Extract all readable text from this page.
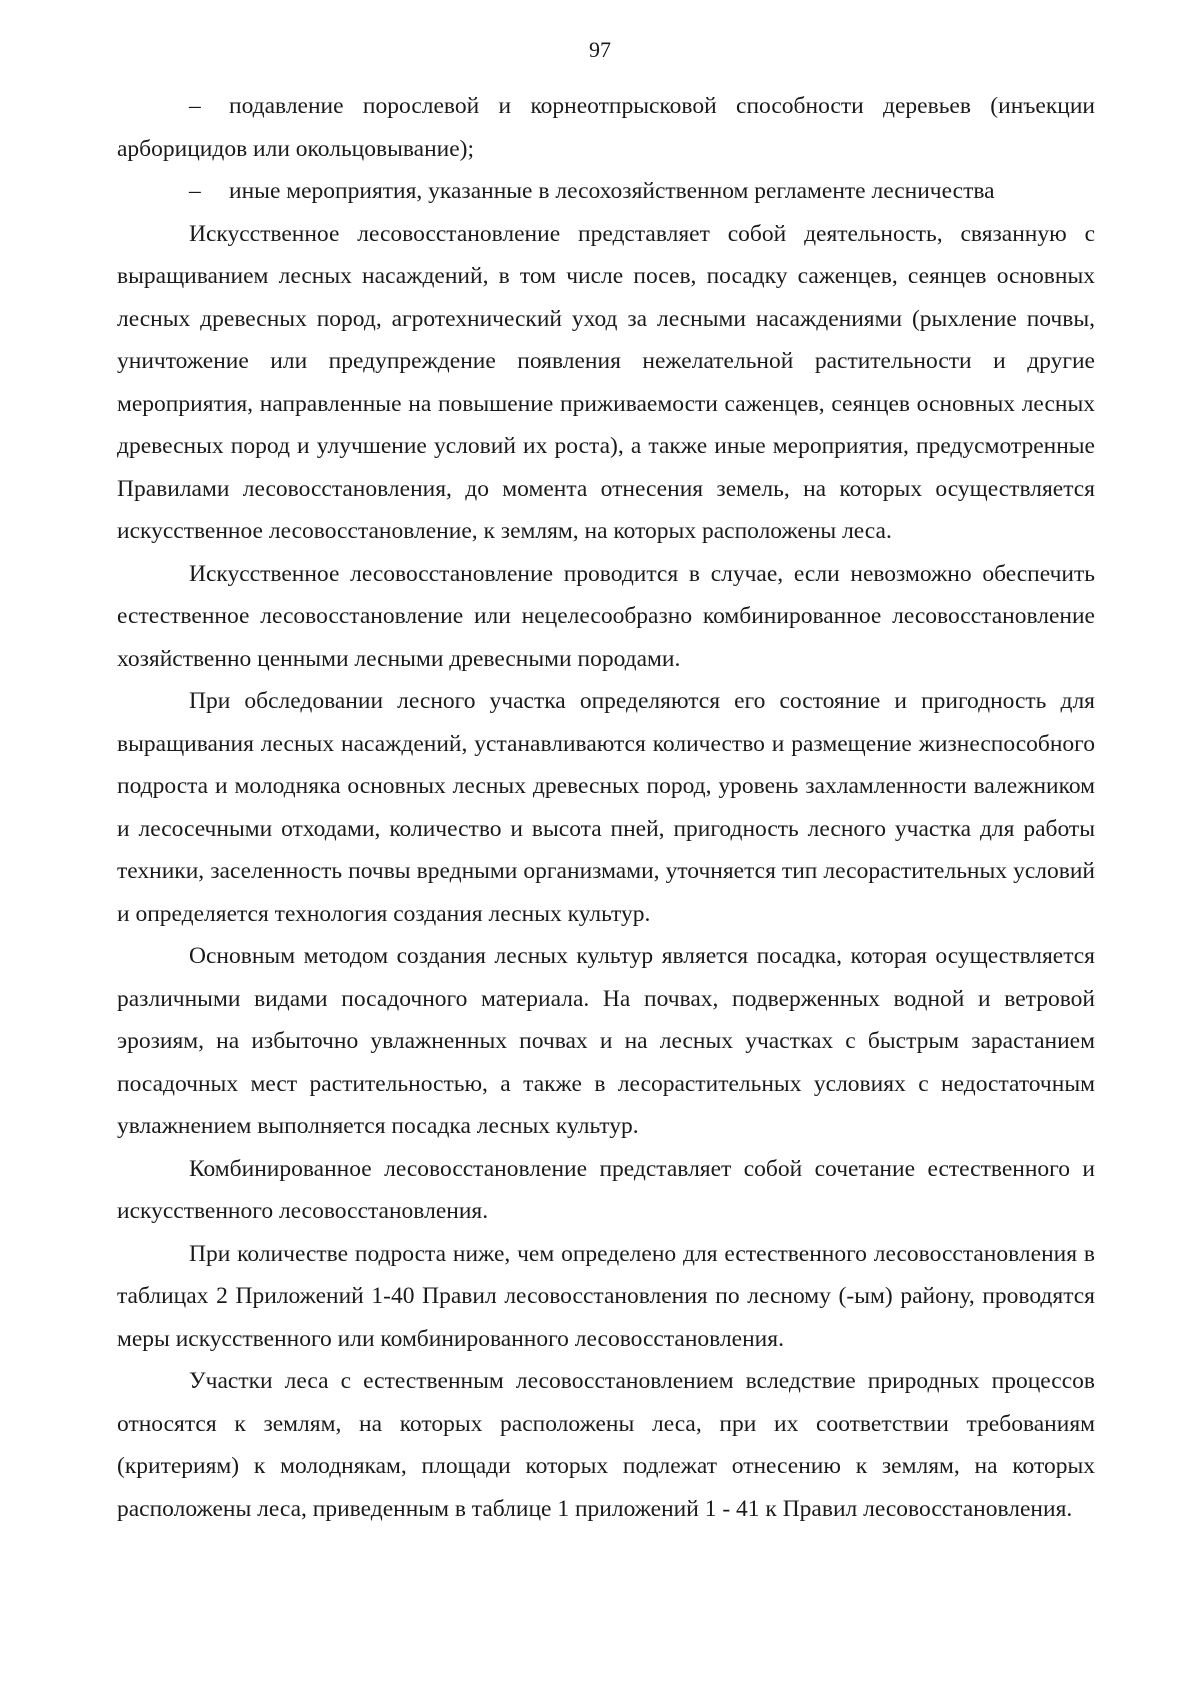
97

– подавление порослевой и корнеотпрысковой способности деревьев (инъекции арборицидов или окольцовывание);

– иные мероприятия, указанные в лесохозяйственном регламенте лесничества

Искусственное лесовосстановление представляет собой деятельность, связанную с выращиванием лесных насаждений, в том числе посев, посадку саженцев, сеянцев основных лесных древесных пород, агротехнический уход за лесными насаждениями (рыхление почвы, уничтожение или предупреждение появления нежелательной растительности и другие мероприятия, направленные на повышение приживаемости саженцев, сеянцев основных лесных древесных пород и улучшение условий их роста), а также иные мероприятия, предусмотренные Правилами лесовосстановления, до момента отнесения земель, на которых осуществляется искусственное лесовосстановление, к землям, на которых расположены леса.

Искусственное лесовосстановление проводится в случае, если невозможно обеспечить естественное лесовосстановление или нецелесообразно комбинированное лесовосстановление хозяйственно ценными лесными древесными породами.

При обследовании лесного участка определяются его состояние и пригодность для выращивания лесных насаждений, устанавливаются количество и размещение жизнеспособного подроста и молодняка основных лесных древесных пород, уровень захламленности валежником и лесосечными отходами, количество и высота пней, пригодность лесного участка для работы техники, заселенность почвы вредными организмами, уточняется тип лесорастительных условий и определяется технология создания лесных культур.

Основным методом создания лесных культур является посадка, которая осуществляется различными видами посадочного материала. На почвах, подверженных водной и ветровой эрозиям, на избыточно увлажненных почвах и на лесных участках с быстрым зарастанием посадочных мест растительностью, а также в лесорастительных условиях с недостаточным увлажнением выполняется посадка лесных культур.

Комбинированное лесовосстановление представляет собой сочетание естественного и искусственного лесовосстановления.

При количестве подроста ниже, чем определено для естественного лесовосстановления в таблицах 2 Приложений 1-40 Правил лесовосстановления по лесному (-ым) району, проводятся меры искусственного или комбинированного лесовосстановления.

Участки леса с естественным лесовосстановлением вследствие природных процессов относятся к землям, на которых расположены леса, при их соответствии требованиям (критериям) к молоднякам, площади которых подлежат отнесению к землям, на которых расположены леса, приведенным в таблице 1 приложений 1 - 41 к Правил лесовосстановления.
